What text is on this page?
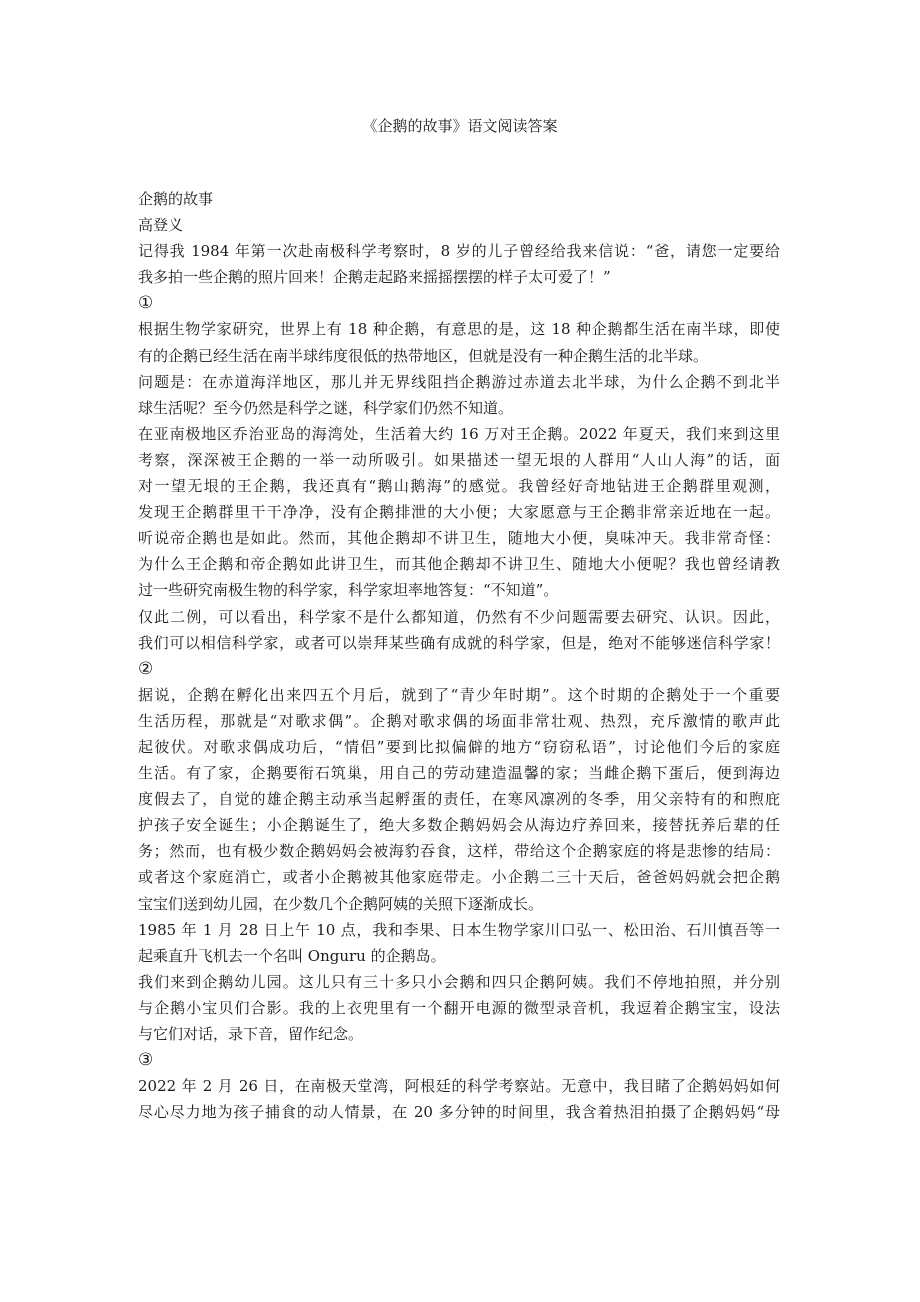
《企鹅的故事》语文阅读答案
企鹅的故事
高登义
记得我 1984 年第一次赴南极科学考察时，8 岁的儿子曾经给我来信说：“爸，请您一定要给
我多拍一些企鹅的照片回来！企鹅走起路来摇摇摆摆的样子太可爱了！”
①
根据生物学家研究，世界上有 18 种企鹅，有意思的是，这 18 种企鹅都生活在南半球，即使
有的企鹅已经生活在南半球纬度很低的热带地区，但就是没有一种企鹅生活的北半球。
问题是：在赤道海洋地区，那儿并无界线阻挡企鹅游过赤道去北半球，为什么企鹅不到北半
球生活呢？至今仍然是科学之谜，科学家们仍然不知道。
在亚南极地区乔治亚岛的海湾处，生活着大约 16 万对王企鹅。2022 年夏天，我们来到这里
考察，深深被王企鹅的一举一动所吸引。如果描述一望无垠的人群用“人山人海”的话，面
对一望无垠的王企鹅，我还真有“鹅山鹅海”的感觉。我曾经好奇地钻进王企鹅群里观测，
发现王企鹅群里干干净净，没有企鹅排泄的大小便；大家愿意与王企鹅非常亲近地在一起。
听说帝企鹅也是如此。然而，其他企鹅却不讲卫生，随地大小便，臭味冲天。我非常奇怪：
为什么王企鹅和帝企鹅如此讲卫生，而其他企鹅却不讲卫生、随地大小便呢？我也曾经请教
过一些研究南极生物的科学家，科学家坦率地答复：“不知道”。
仅此二例，可以看出，科学家不是什么都知道，仍然有不少问题需要去研究、认识。因此，
我们可以相信科学家，或者可以崇拜某些确有成就的科学家，但是，绝对不能够迷信科学家！
②
据说，企鹅在孵化出来四五个月后，就到了“青少年时期”。这个时期的企鹅处于一个重要
生活历程，那就是“对歌求偶”。企鹅对歌求偶的场面非常壮观、热烈，充斥激情的歌声此
起彼伏。对歌求偶成功后，“情侣”要到比拟偏僻的地方“窃窃私语”，讨论他们今后的家庭
生活。有了家，企鹅要衔石筑巢，用自己的劳动建造温馨的家；当雌企鹅下蛋后，便到海边
度假去了，自觉的雄企鹅主动承当起孵蛋的责任，在寒风凛冽的冬季，用父亲特有的和煦庇
护孩子安全诞生；小企鹅诞生了，绝大多数企鹅妈妈会从海边疗养回来，接替抚养后辈的任
务；然而，也有极少数企鹅妈妈会被海豹吞食，这样，带给这个企鹅家庭的将是悲惨的结局：
或者这个家庭消亡，或者小企鹅被其他家庭带走。小企鹅二三十天后，爸爸妈妈就会把企鹅
宝宝们送到幼儿园，在少数几个企鹅阿姨的关照下逐渐成长。
1985 年 1 月 28 日上午 10 点，我和李果、日本生物学家川口弘一、松田治、石川慎吾等一
起乘直升飞机去一个名叫 Onguru 的企鹅岛。
我们来到企鹅幼儿园。这儿只有三十多只小会鹅和四只企鹅阿姨。我们不停地拍照，并分别
与企鹅小宝贝们合影。我的上衣兜里有一个翻开电源的微型录音机，我逗着企鹅宝宝，设法
与它们对话，录下音，留作纪念。
③
2022 年 2 月 26 日，在南极天堂湾，阿根廷的科学考察站。无意中，我目睹了企鹅妈妈如何
尽心尽力地为孩子捕食的动人情景，在 20 多分钟的时间里，我含着热泪拍摄了企鹅妈妈“母
